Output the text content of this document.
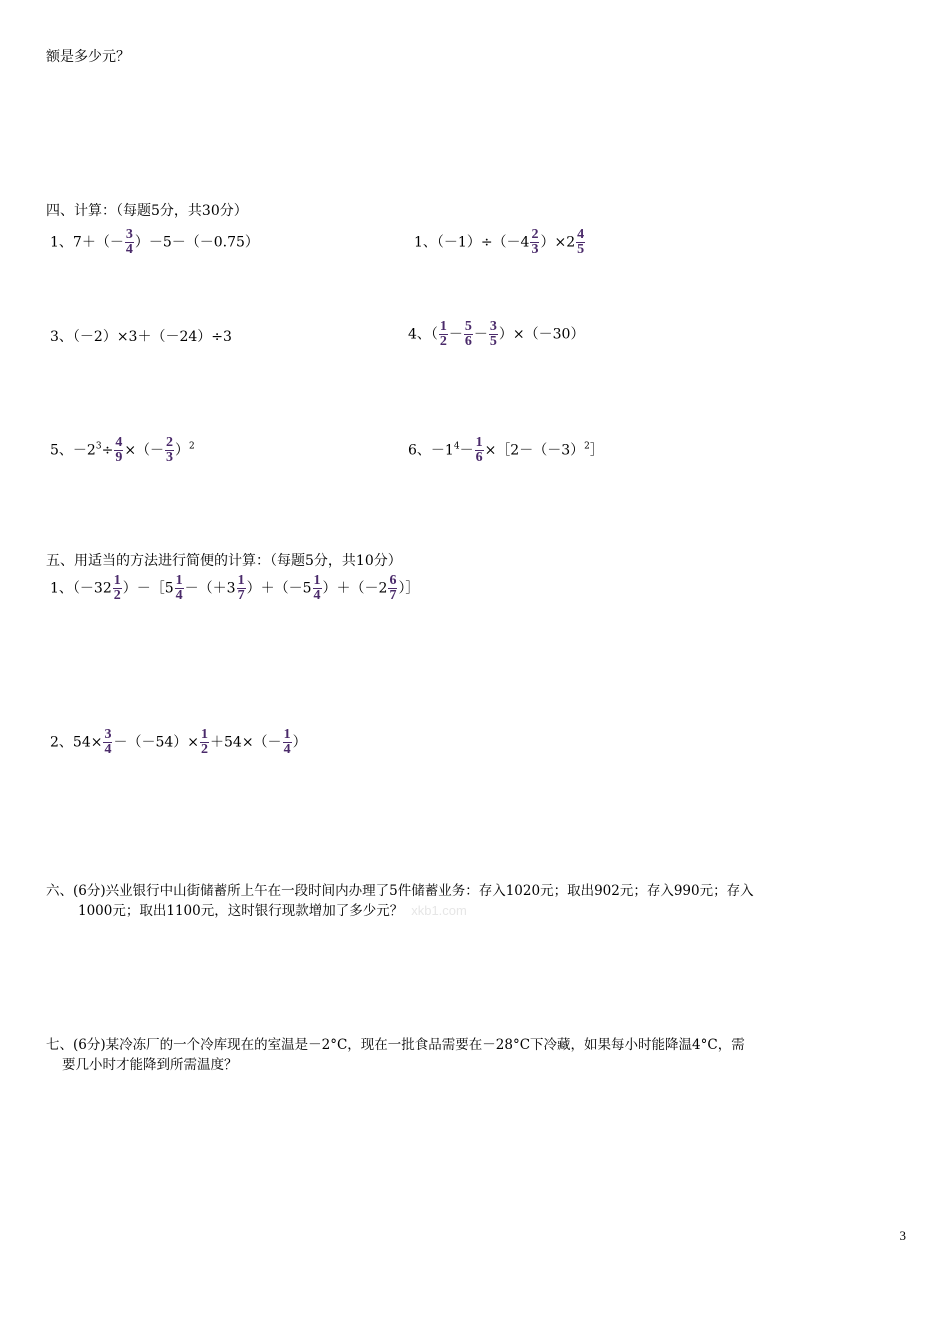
额是多少元？
四、计算：（每题5分，共30分）
1、$7+(- \frac{3}{4} )-5-(-0.75)$	1、$(-1)\div(-4 \frac{2}{3} )\times 2 \frac{4}{5}$
3、（－2）×3＋（－24）÷3	4、（ $\frac{1}{2} - \frac{5}{6} - \frac{3}{5} )\times(-30)$
5、$-2^3\div \frac{4}{9}$ ×（－ $\frac{2}{3} )^2$	6、$-1^4- \frac{1}{6}$ $\times[2-(-3)^2]$
五、用适当的方法进行简便的计算：（每题5分，共10分）
1、（$-32 \frac{1}{2}$ ）－［5 $\frac{1}{4} -(+3 \frac{1}{7} )+(-5 \frac{1}{4} )+(-2 \frac{6}{7}$ ）］
2、$54\times \frac{3}{4} -(-54)\times \frac{1}{2} +54\times(- \frac{1}{4}$ ）
六、(6分)兴业银行中山街储蓄所上午在一段时间内办理了5件储蓄业务：存入1020元；取出902元；存入990元；存入
1000元；取出1100元，这时银行现款增加了多少元？ xkb1.com
七、(6分)某冷冻厂的一个冷库现在的室温是－2°C，现在一批食品需要在－28°C下冷藏，如果每小时能降温4°C，需
要几小时才能降到所需温度？
3
